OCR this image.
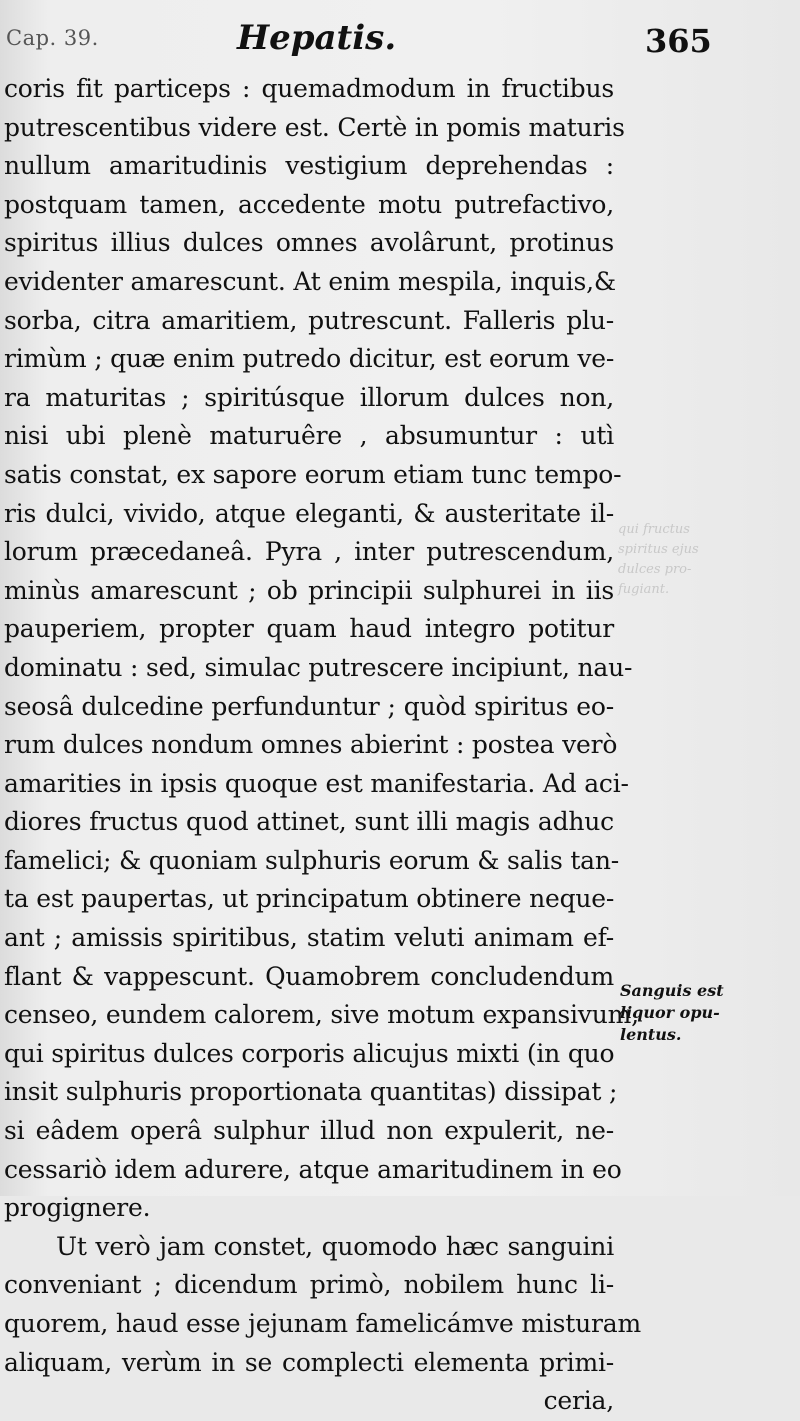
Cap. 39.	Hepatis.	365
coris fit particeps : quemadmodum in fructibus
putrescentibus videre est. Certè in pomis maturis
nullum amaritudinis vestigium deprehendas :
postquam tamen, accedente motu putrefactivo,
spiritus illius dulces omnes avolârunt, protinus
evidenter amarescunt. At enim mespila, inquis,&
sorba, citra amaritiem, putrescunt. Falleris plu-
rimùm ; quæ enim putredo dicitur, est eorum ve-
ra maturitas ; spiritúsque illorum dulces non,
nisi ubi plenè maturuêre , absumuntur : utì
satis constat, ex sapore eorum etiam tunc tempo-
ris dulci, vivido, atque eleganti, & austeritate il-
lorum præcedaneâ. Pyra , inter putrescendum,
minùs amarescunt ; ob principii sulphurei in iis
pauperiem, propter quam haud integro potitur
dominatu : sed, simulac putrescere incipiunt, nau-
seosâ dulcedine perfunduntur ; quòd spiritus eo-
rum dulces nondum omnes abierint : postea verò
amarities in ipsis quoque est manifestaria. Ad aci-
diores fructus quod attinet, sunt illi magis adhuc
famelici; & quoniam sulphuris eorum & salis tan-
ta est paupertas, ut principatum obtinere neque-
ant ; amissis spiritibus, statim veluti animam ef-
flant & vappescunt. Quamobrem concludendum
censeo, eundem calorem, sive motum expansivum,
qui spiritus dulces corporis alicujus mixti (in quo
insit sulphuris proportionata quantitas) dissipat ;
si eâdem operâ sulphur illud non expulerit, ne-
cessariò idem adurere, atque amaritudinem in eo
progignere.
Ut verò jam constet, quomodo hæc sanguini
conveniant ; dicendum primò, nobilem hunc li-
quorem, haud esse jejunam famelicámve misturam
aliquam, verùm in se complecti elementa primi-
ceria,
Sanguis est
liquor opu-
lentus.
qui fructus
spiritus ejus
dulces pro-
fugiant.
